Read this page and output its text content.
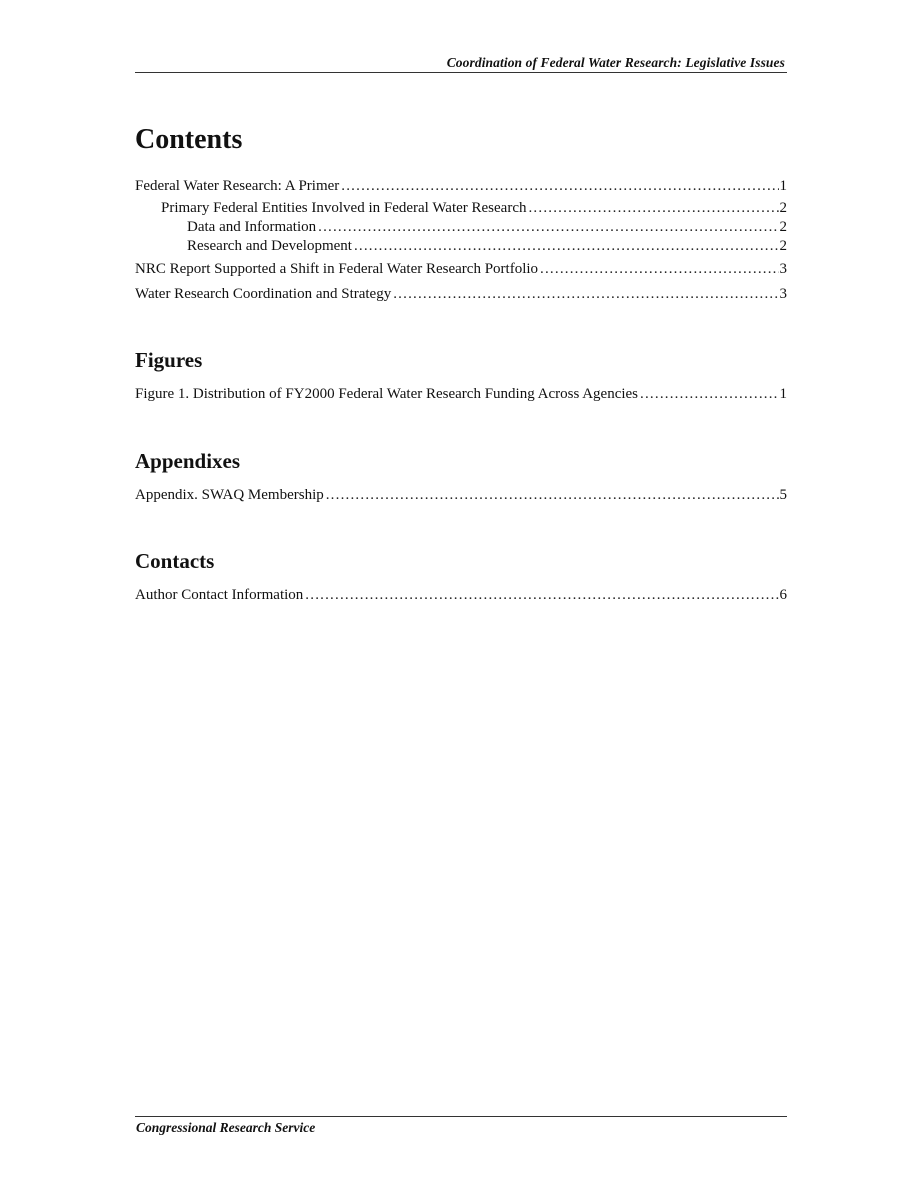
Coordination of Federal Water Research: Legislative Issues
Contents
Federal Water Research: A Primer .....	1
Primary Federal Entities Involved in Federal Water Research .....	2
Data and Information .....	2
Research and Development .....	2
NRC Report Supported a Shift in Federal Water Research Portfolio .....	3
Water Research Coordination and Strategy .....	3
Figures
Figure 1. Distribution of FY2000 Federal Water Research Funding Across Agencies .....	1
Appendixes
Appendix. SWAQ Membership .....	5
Contacts
Author Contact Information .....	6
Congressional Research Service
